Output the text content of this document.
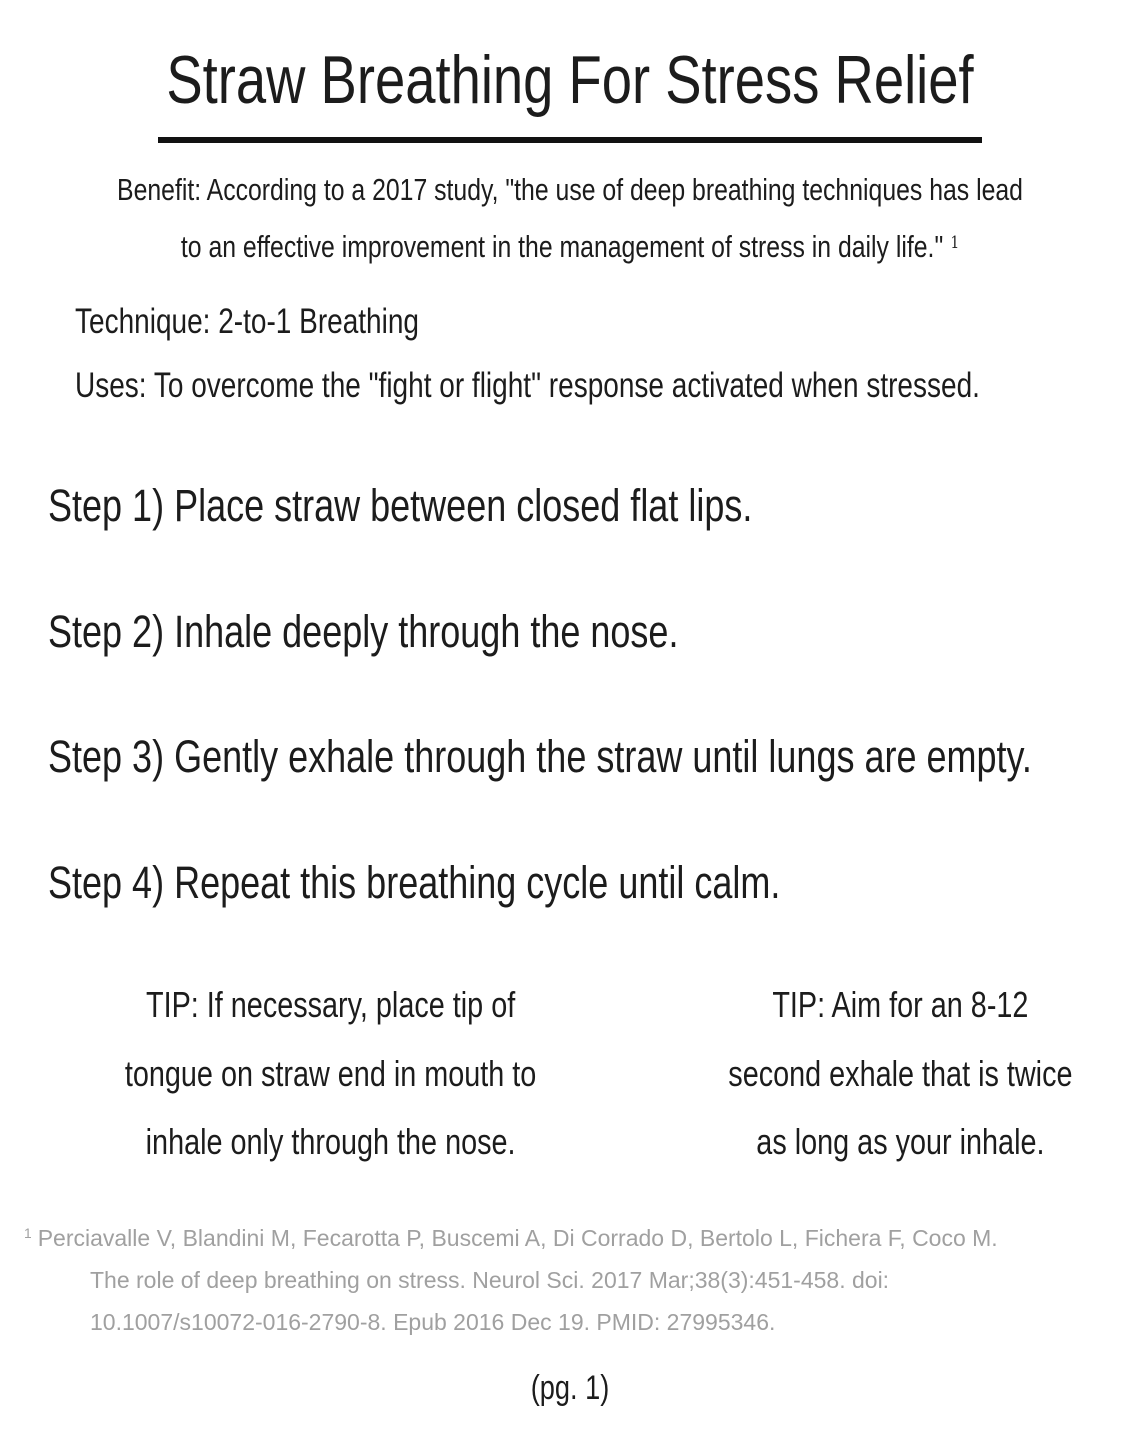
Straw Breathing For Stress Relief
Benefit: According to a 2017 study, "the use of deep breathing techniques has lead
to an effective improvement in the management of stress in daily life." $^1$
Technique: 2-to-1 Breathing
Uses: To overcome the "fight or flight" response activated when stressed.
Step 1) Place straw between closed flat lips.
Step 2) Inhale deeply through the nose.
Step 3) Gently exhale through the straw until lungs are empty.
Step 4) Repeat this breathing cycle until calm.
TIP: If necessary, place tip of
tongue on straw end in mouth to
inhale only through the nose.
TIP: Aim for an 8-12
second exhale that is twice
as long as your inhale.
$^1$ Perciavalle V, Blandini M, Fecarotta P, Buscemi A, Di Corrado D, Bertolo L, Fichera F, Coco M.
The role of deep breathing on stress. Neurol Sci. 2017 Mar;38(3):451-458. doi:
10.1007/s10072-016-2790-8. Epub 2016 Dec 19. PMID: 27995346.
(pg. 1)
